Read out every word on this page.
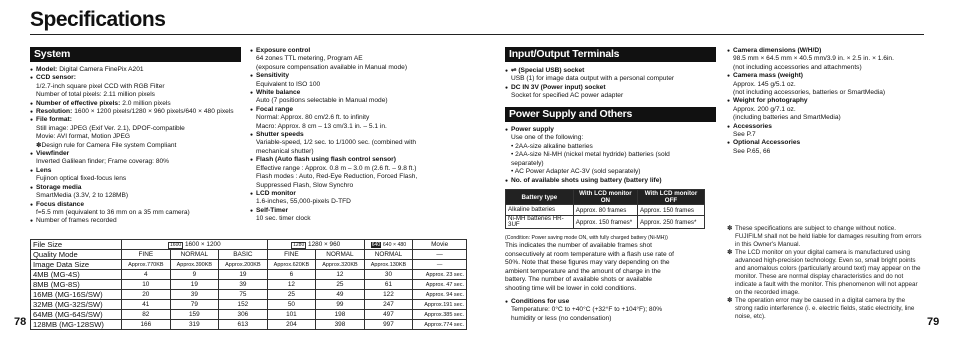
Specifications
System	Input/Output Terminals
Power Supply and Others
● Model: Digital Camera FinePix A201
● CCD sensor:
1/2.7-inch square pixel CCD with RGB Filter
Number of total pixels: 2.11 million pixels
● Number of effective pixels: 2.0 million pixels
● Resolution: 1600 × 1200 pixels/1280 × 960 pixels/640 × 480 pixels
● File format:
Still image: JPEG (Exif Ver. 2.1), DPOF-compatible
Movie: AVI format, Motion JPEG
✽Design rule for Camera File system Compliant
● Viewfinder
Inverted Galilean finder; Frame coverag: 80%
● Lens
Fujinon optical fixed-focus lens
● Storage media
SmartMedia (3.3V, 2 to 128MB)
● Focus distance
f=5.5 mm (equivalent to 36 mm on a 35 mm camera)
● Number of frames recorded
● Exposure control
64 zones TTL metering, Program AE
(exposure compensation available in Manual mode)
● Sensitivity
Equivalent to ISO 100
● White balance
Auto (7 positions selectable in Manual mode)
● Focal range
Normal: Approx. 80 cm/2.6 ft. to infinity
Macro: Approx. 8 cm – 13 cm/3.1 in. – 5.1 in.
● Shutter speeds
Variable-speed, 1/2 sec. to 1/1000 sec. (combined with
mechanical shutter)
● Flash (Auto flash using flash control sensor)
Effective range : Approx. 0.8 m – 3.0 m (2.6 ft. – 9.8 ft.)
Flash modes : Auto, Red-Eye Reduction, Forced Flash,
Suppressed Flash, Slow Synchro
● LCD monitor
1.6-inches, 55,000-pixels D-TFD
● Self-Timer
10 sec. timer clock
● ⇌ (Special USB) socket
USB (1) for image data output with a personal computer
● DC IN 3V (Power input) socket
Socket for specified AC power adapter
● Power supply
Use one of the following:
• 2AA-size alkaline batteries
• 2AA-size Ni-MH (nickel metal hydride) batteries (sold
separately)
• AC Power Adapter AC-3V (sold separately)
● No. of available shots using battery (battery life)
This indicates the number of available frames shot
consecutively at room temperature with a flash use rate of
50%. Note that these figures may vary depending on the
ambient temperature and the amount of charge in the
battery. The number of available shots or available
shooting time will be lower in cold conditions.
● Conditions for use
Temperature: 0°C to +40°C (+32°F to +104°F); 80%
humidity or less (no condensation)
● Camera dimensions (W/H/D)
98.5 mm × 64.5 mm × 40.5 mm/3.9 in. × 2.5 in. × 1.6in.
(not including accessories and attachments)
● Camera mass (weight)
Approx. 145 g/5.1 oz.
(not including accessories, batteries or SmartMedia)
● Weight for photography
Approx. 200 g/7.1 oz.
(including batteries and SmartMedia)
● Accessories
See P.7
● Optional Accessories
See P.65, 66
File Size	1600 1600 × 1200			1280 1280 × 960		640 640 × 480	Movie
Quality Mode	FINE	NORMAL	BASIC	FINE	NORMAL	NORMAL	—
Image Data Size	Approx.770KB	Approx.390KB	Approx.200KB	Approx.620KB	Approx.320KB	Approx.130KB	—
4MB (MG-4S)	4	9	19	6	12	30	Approx. 23 sec.
8MB (MG-8S)	10	19	39	12	25	61	Approx. 47 sec.
16MB (MG-16S/SW)	20	39	75	25	49	122	Approx. 94 sec.
32MB (MG-32S/SW)	41	79	152	50	99	247	Approx.191 sec.
64MB (MG-64S/SW)	82	159	306	101	198	497	Approx.385 sec.
128MB (MG-128SW)	166	319	613	204	398	997	Approx.774 sec.
Battery type	With LCD monitor ON	With LCD monitor OFF
Alkaline batteries	Approx. 80 frames	Approx. 150 frames
Ni-MH batteries HR-3UF	Approx. 150 frames*	Approx. 250 frames*
(Condition: Power saving mode ON, with fully charged battery (Ni-MH))
✽ These specifications are subject to change without notice. FUJIFILM shall not be held liable for damages resulting from errors in this Owner's Manual.
✽ The LCD monitor on your digital camera is manufactured using advanced high-precision technology. Even so, small bright points and anomalous colors (particularly around text) may appear on the monitor. These are normal display characteristics and do not indicate a fault with the monitor. This phenomenon will not appear on the recorded image.
✽ The operation error may be caused in a digital camera by the strong radio interference (i. e. electric fields, static electricity, line noise, etc).
78	79
